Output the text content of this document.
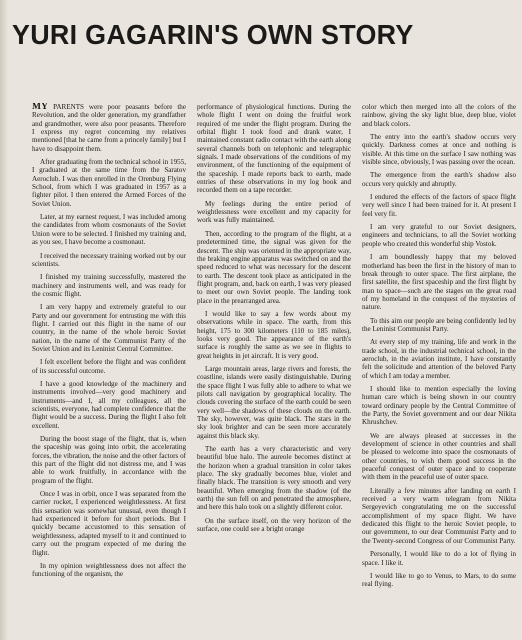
YURI GAGARIN'S OWN STORY

MY PARENTS were poor peasants before the Revolution, and the older generation, my grandfather and grandmother, were also poor peasants. Therefore I express my regret concerning my relatives mentioned [that he came from a princely family] but I have to disappoint them.

After graduating from the technical school in 1955, I graduated at the same time from the Saratov Aeroclub. I was then enrolled in the Orenburg Flying School, from which I was graduated in 1957 as a fighter pilot. I then entered the Armed Forces of the Soviet Union.

Later, at my earnest request, I was included among the candidates from whom cosmonauts of the Soviet Union were to be selected. I finished my training and, as you see, I have become a cosmonaut.

I received the necessary training worked out by our scientists.

I finished my training successfully, mastered the machinery and instruments well, and was ready for the cosmic flight.

I am very happy and extremely grateful to our Party and our government for entrusting me with this flight. I carried out this flight in the name of our country, in the name of the whole heroic Soviet nation, in the name of the Communist Party of the Soviet Union and its Leninist Central Committee.

I felt excellent before the flight and was confident of its successful outcome.

I have a good knowledge of the machinery and instruments involved—very good machinery and instruments—and I, all my colleagues, all the scientists, everyone, had complete confidence that the flight would be a success. During the flight I also felt excellent.

During the boost stage of the flight, that is, when the spaceship was going into orbit, the accelerating forces, the vibration, the noise and the other factors of this part of the flight did not distress me, and I was able to work fruitfully, in accordance with the program of the flight.

Once I was in orbit, once I was separated from the carrier rocket, I experienced weightlessness. At first this sensation was somewhat unusual, even though I had experienced it before for short periods. But I quickly became accustomed to this sensation of weightlessness, adapted myself to it and continued to carry out the program expected of me during the flight.

In my opinion weightlessness does not affect the functioning of the organism, the

performance of physiological functions. During the whole flight I went on doing the fruitful work required of me under the flight program. During the orbital flight I took food and drank water, I maintained constant radio contact with the earth along several channels both on telephonic and telegraphic signals. I made observations of the conditions of my environment, of the functioning of the equipment of the spaceship. I made reports back to earth, made entries of these observations in my log book and recorded them on a tape recorder.

My feelings during the entire period of weightlessness were excellent and my capacity for work was fully maintained.

Then, according to the program of the flight, at a predetermined time, the signal was given for the descent. The ship was oriented in the appropriate way, the braking engine apparatus was switched on and the speed reduced to what was necessary for the descent to earth. The descent took place as anticipated in the flight program, and, back on earth, I was very pleased to meet our own Soviet people. The landing took place in the prearranged area.

I would like to say a few words about my observations while in space. The earth, from this height, 175 to 300 kilometers (110 to 185 miles), looks very good. The appearance of the earth's surface is roughly the same as we see in flights to great heights in jet aircraft. It is very good.

Large mountain areas, large rivers and forests, the coastline, islands were easily distinguishable. During the space flight I was fully able to adhere to what we pilots call navigation by geographical locality. The clouds covering the surface of the earth could be seen very well—the shadows of these clouds on the earth. The sky, however, was quite black. The stars in the sky look brighter and can be seen more accurately against this black sky.

The earth has a very characteristic and very beautiful blue halo. The aureole becomes distinct at the horizon when a gradual transition in color takes place. The sky gradually becomes blue, violet and finally black. The transition is very smooth and very beautiful. When emerging from the shadow (of the earth) the sun fell on and penetrated the atmosphere, and here this halo took on a slightly different color.

On the surface itself, on the very horizon of the surface, one could see a bright orange

color which then merged into all the colors of the rainbow, giving the sky light blue, deep blue, violet and black colors.

The entry into the earth's shadow occurs very quickly. Darkness comes at once and nothing is visible. At this time on the surface I saw nothing was visible since, obviously, I was passing over the ocean.

The emergence from the earth's shadow also occurs very quickly and abruptly.

I endured the effects of the factors of space flight very well since I had been trained for it. At present I feel very fit.

I am very grateful to our Soviet designers, engineers and technicians, to all the Soviet working people who created this wonderful ship Vostok.

I am boundlessly happy that my beloved motherland has been the first in the history of man to break through to outer space. The first airplane, the first satellite, the first spaceship and the first flight by man to space—such are the stages on the great road of my homeland in the conquest of the mysteries of nature.

To this aim our people are being confidently led by the Leninist Communist Party.

At every step of my training, life and work in the trade school, in the industrial technical school, in the aeroclub, in the aviation institute, I have constantly felt the solicitude and attention of the beloved Party of which I am today a member.

I should like to mention especially the loving human care which is being shown in our country toward ordinary people by the Central Committee of the Party, the Soviet government and our dear Nikita Khrushchev.

We are always pleased at successes in the development of science in other countries and shall be pleased to welcome into space the cosmonauts of other countries, to wish them good success in the peaceful conquest of outer space and to cooperate with them in the peaceful use of outer space.

Literally a few minutes after landing on earth I received a very warm telegram from Nikita Sergeyevich congratulating me on the successful accomplishment of my space flight. We have dedicated this flight to the heroic Soviet people, to our government, to our dear Communist Party and to the Twenty-second Congress of our Communist Party.

Personally, I would like to do a lot of flying in space. I like it.

I would like to go to Venus, to Mars, to do some real flying.
